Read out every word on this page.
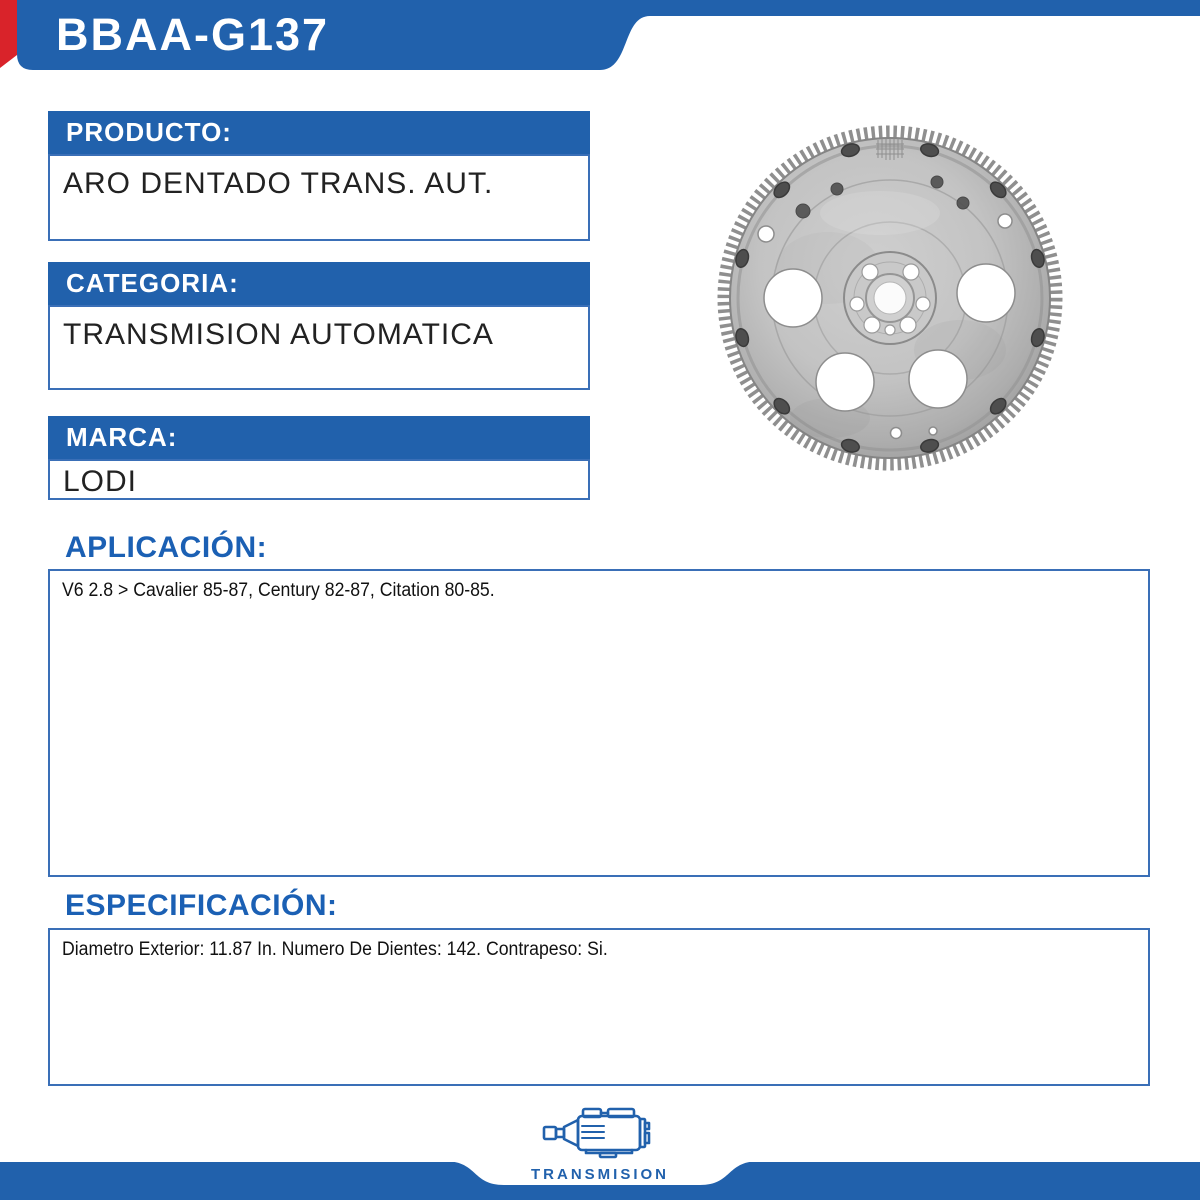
BBAA-G137
PRODUCTO:
ARO DENTADO TRANS. AUT.
CATEGORIA:
TRANSMISION AUTOMATICA
MARCA:
LODI
APLICACIÓN:
V6 2.8 > Cavalier 85-87, Century 82-87, Citation 80-85.
ESPECIFICACIÓN:
Diametro Exterior: 11.87 In. Numero De Dientes: 142. Contrapeso: Si.
TRANSMISION
